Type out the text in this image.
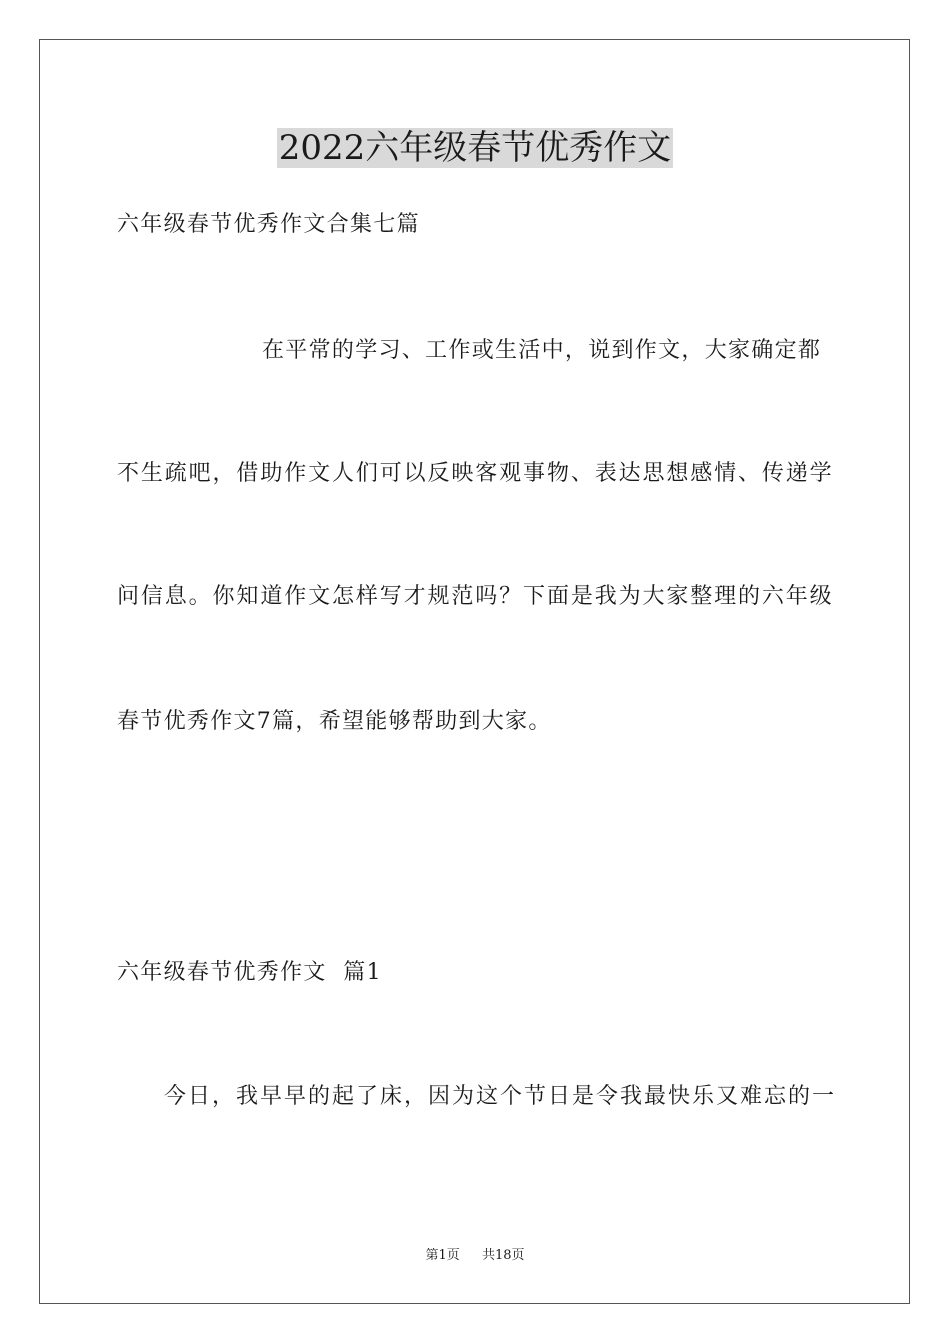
2022六年级春节优秀作文
六年级春节优秀作文合集七篇
在平常的学习、工作或生活中，说到作文，大家确定都
不生疏吧，借助作文人们可以反映客观事物、表达思想感情、传递学
问信息。你知道作文怎样写才规范吗？下面是我为大家整理的六年级
春节优秀作文7篇，希望能够帮助到大家。
六年级春节优秀作文  篇1
今日，我早早的起了床，因为这个节日是令我最快乐又难忘的一
第1页 共18页
